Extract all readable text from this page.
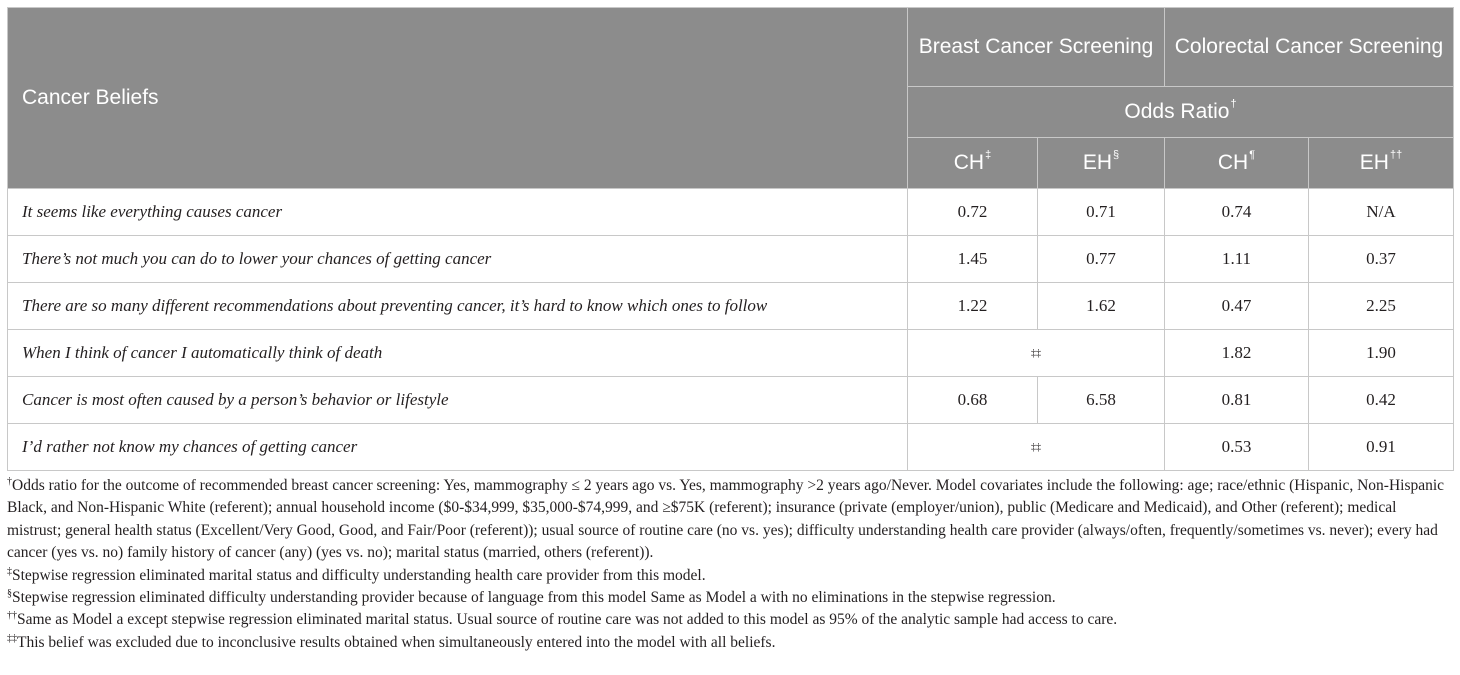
Cancer Beliefs	Breast Cancer Screening		Colorectal Cancer Screening	
	Odds Ratio†
	CH‡	EH§	CH¶	EH††
It seems like everything causes cancer	0.72	0.71	0.74	N/A
There’s not much you can do to lower your chances of getting cancer	1.45	0.77	1.11	0.37
There are so many different recommendations about preventing cancer, it’s hard to know which ones to follow	1.22	1.62	0.47	2.25
When I think of cancer I automatically think of death	‡‡		1.82	1.90
Cancer is most often caused by a person’s behavior or lifestyle	0.68	6.58	0.81	0.42
I’d rather not know my chances of getting cancer	‡‡		0.53	0.91

†Odds ratio for the outcome of recommended breast cancer screening: Yes, mammography ≤ 2 years ago vs. Yes, mammography >2 years ago/Never. Model covariates include the following: age; race/ethnic (Hispanic, Non-Hispanic Black, and Non-Hispanic White (referent); annual household income ($0-$34,999, $35,000-$74,999, and ≥$75K (referent); insurance (private (employer/union), public (Medicare and Medicaid), and Other (referent); medical mistrust; general health status (Excellent/Very Good, Good, and Fair/Poor (referent)); usual source of routine care (no vs. yes); difficulty understanding health care provider (always/often, frequently/sometimes vs. never); every had cancer (yes vs. no) family history of cancer (any) (yes vs. no); marital status (married, others (referent)).

‡Stepwise regression eliminated marital status and difficulty understanding health care provider from this model.

§Stepwise regression eliminated difficulty understanding provider because of language from this model Same as Model a with no eliminations in the stepwise regression.

††Same as Model a except stepwise regression eliminated marital status. Usual source of routine care was not added to this model as 95% of the analytic sample had access to care.

‡‡This belief was excluded due to inconclusive results obtained when simultaneously entered into the model with all beliefs.
